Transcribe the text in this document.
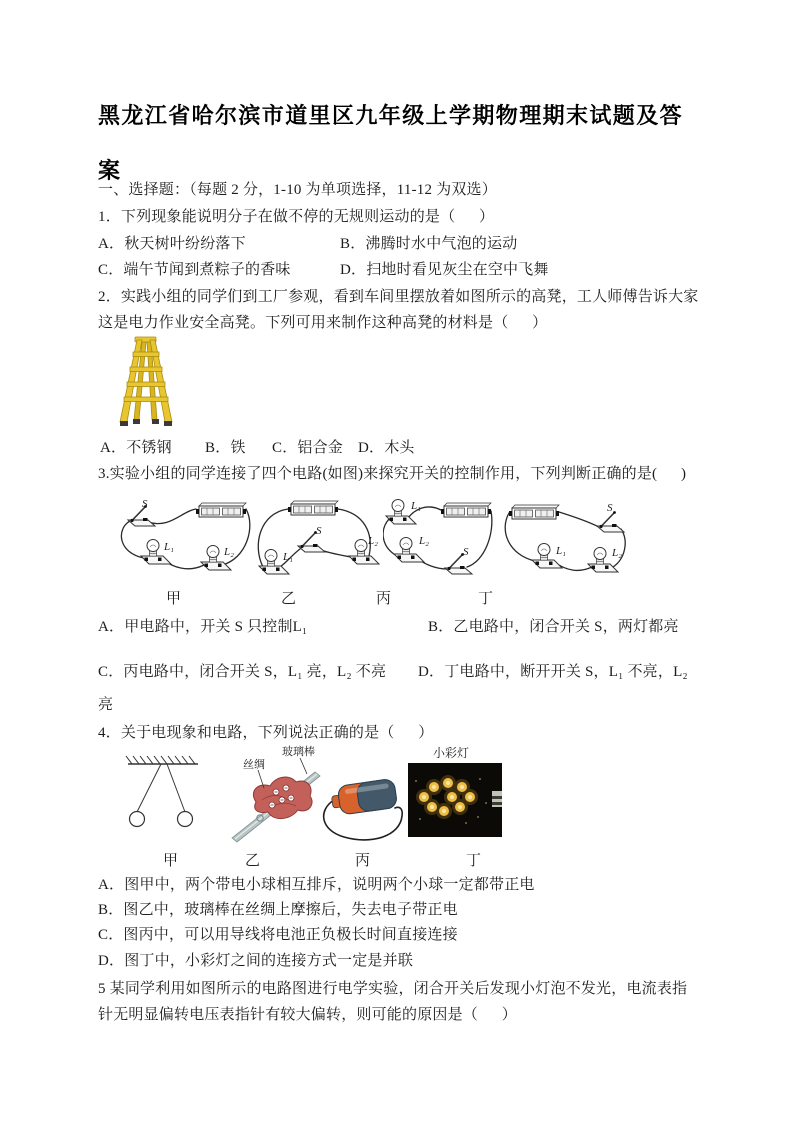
黑龙江省哈尔滨市道里区九年级上学期物理期末试题及答案

一、选择题：（每题 2 分，1-10 为单项选择，11-12 为双选）

1．下列现象能说明分子在做不停的无规则运动的是（      ）

A．秋天树叶纷纷落下	B．沸腾时水中气泡的运动
C．端午节闻到煮粽子的香味	D．扫地时看见灰尘在空中飞舞

2．实践小组的同学们到工厂参观，看到车间里摆放着如图所示的高凳，工人师傅告诉大家这是电力作业安全高凳。下列可用来制作这种高凳的材料是（      ）

A．不锈钢 B．铁 C．铝合金 D．木头

3.实验小组的同学连接了四个电路(如图)来探究开关的控制作用，下列判断正确的是(      )

S
L₁	L₂
S
L₁
L₂
L₁
L₂
S
S
L₁	L₂
甲	乙	丙	丁
A．甲电路中，开关 S 只控制L₁	B．乙电路中，闭合开关 S，两灯都亮
C．丙电路中，闭合开关 S，L₁ 亮，L₂ 不亮 D．丁电路中，断开开关 S，L₁ 不亮，L₂
亮

4．关于电现象和电路，下列说法正确的是（      ）

丝绸
玻璃棒	小彩灯
甲	乙	丙	丁
A．图甲中，两个带电小球相互排斥，说明两个小球一定都带正电
B．图乙中，玻璃棒在丝绸上摩擦后，失去电子带正电
C．图丙中，可以用导线将电池正负极长时间直接连接
D．图丁中，小彩灯之间的连接方式一定是并联

5 某同学利用如图所示的电路图进行电学实验，闭合开关后发现小灯泡不发光，电流表指针无明显偏转电压表指针有较大偏转，则可能的原因是（      ）
